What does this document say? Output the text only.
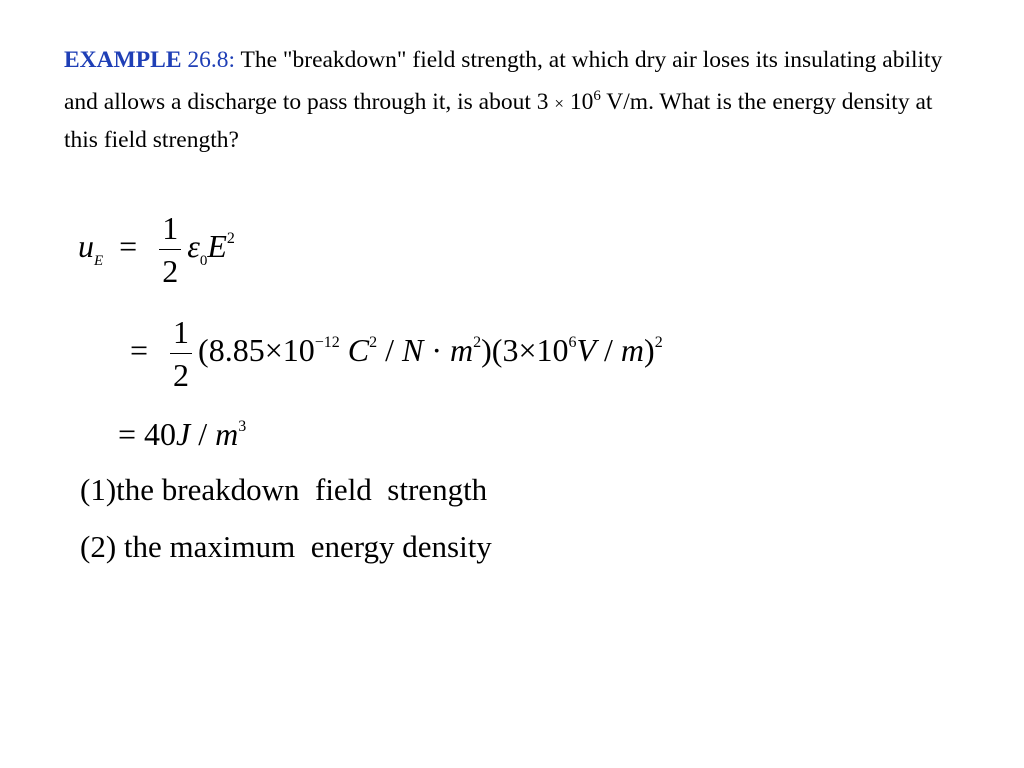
EXAMPLE 26.8: The "breakdown" field strength, at which dry air loses its insulating ability and allows a discharge to pass through it, is about $3 \times 10^6$ V/m. What is the energy density at this field strength?
$u_E = \frac{1}{2} \varepsilon_0E^2$
= $\frac{1}{2} (8.85\times 10^{-12}$ $C^2 / N \cdot m^2)(3\times 10^6V / m)^2$
= $40J / m^3$
(1)the breakdown  field  strength
(2) the maximum  energy density
